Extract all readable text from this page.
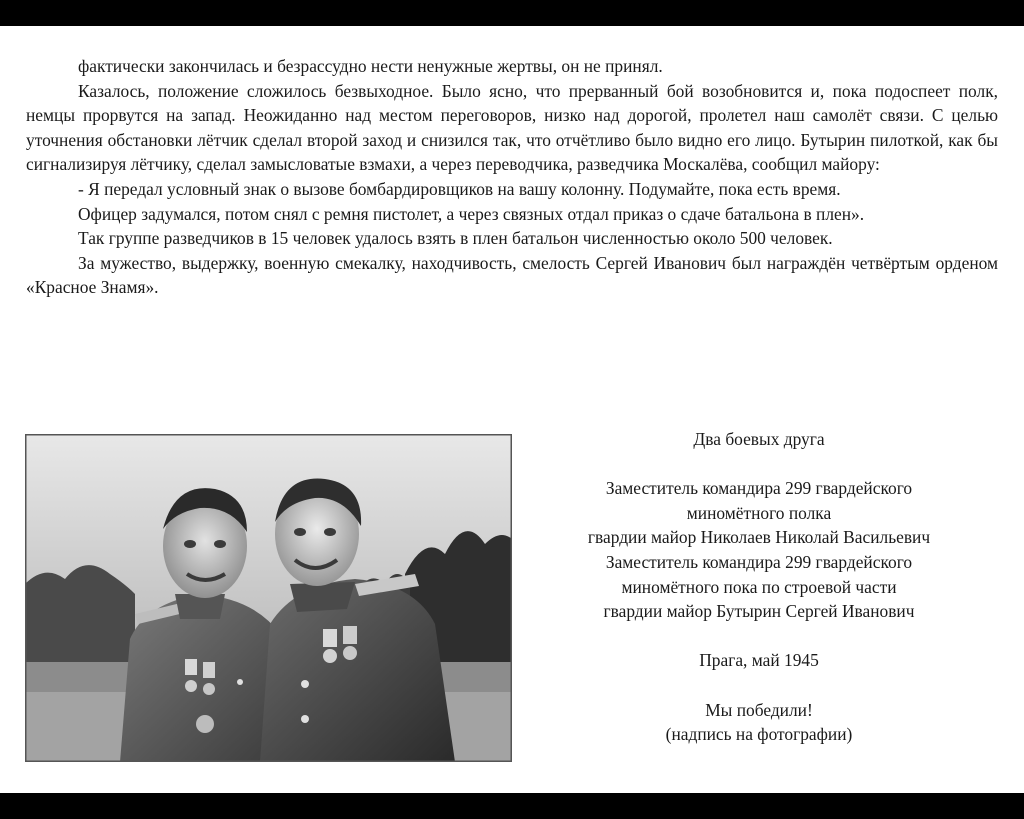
фактически закончилась и безрассудно нести ненужные жертвы, он не принял.

Казалось, положение сложилось безвыходное. Было ясно, что прерванный бой возобновится и, пока подоспеет полк, немцы прорвутся на запад. Неожиданно над местом переговоров, низко над дорогой, пролетел наш самолёт связи. С целью уточнения обстановки лётчик сделал второй заход и снизился так, что отчётливо было видно его лицо. Бутырин пилоткой, как бы сигнализируя лётчику, сделал замысловатые взмахи, а через переводчика, разведчика Москалёва, сообщил майору:

- Я передал условный знак о вызове бомбардировщиков на вашу колонну. Подумайте, пока есть время.

Офицер задумался, потом снял с ремня пистолет, а через связных отдал приказ о сдаче батальона в плен».

Так группе разведчиков в 15 человек удалось взять в плен батальон численностью около 500 человек.

За мужество, выдержку, военную смекалку, находчивость, смелость Сергей Иванович был награждён четвёртым орденом «Красное Знамя».

Два боевых друга
Заместитель командира 299 гвардейского
миномётного полка
гвардии майор Николаев Николай Васильевич
Заместитель командира 299 гвардейского
миномётного пока по строевой части
гвардии майор Бутырин Сергей Иванович
Прага, май 1945
Мы победили!
(надпись на фотографии)
